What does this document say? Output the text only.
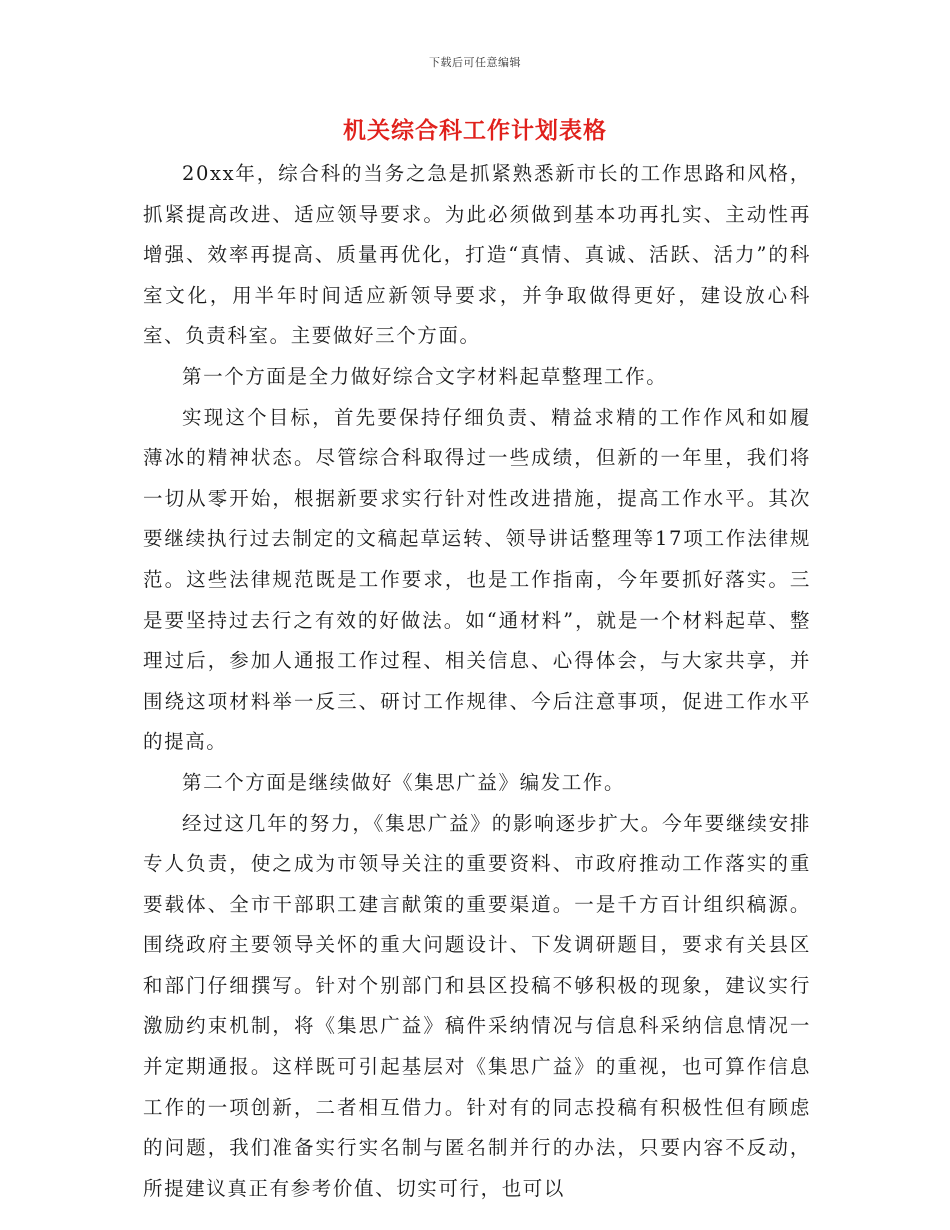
下载后可任意编辑
机关综合科工作计划表格

20xx年，综合科的当务之急是抓紧熟悉新市长的工作思路和风格，抓紧提高改进、适应领导要求。为此必须做到基本功再扎实、主动性再增强、效率再提高、质量再优化，打造“真情、真诚、活跃、活力”的科室文化，用半年时间适应新领导要求，并争取做得更好，建设放心科室、负责科室。主要做好三个方面。

第一个方面是全力做好综合文字材料起草整理工作。

实现这个目标，首先要保持仔细负责、精益求精的工作作风和如履薄冰的精神状态。尽管综合科取得过一些成绩，但新的一年里，我们将一切从零开始，根据新要求实行针对性改进措施，提高工作水平。其次要继续执行过去制定的文稿起草运转、领导讲话整理等17项工作法律规范。这些法律规范既是工作要求，也是工作指南，今年要抓好落实。三是要坚持过去行之有效的好做法。如“通材料”，就是一个材料起草、整理过后，参加人通报工作过程、相关信息、心得体会，与大家共享，并围绕这项材料举一反三、研讨工作规律、今后注意事项，促进工作水平的提高。

第二个方面是继续做好《集思广益》编发工作。

经过这几年的努力，《集思广益》的影响逐步扩大。今年要继续安排专人负责，使之成为市领导关注的重要资料、市政府推动工作落实的重要载体、全市干部职工建言献策的重要渠道。一是千方百计组织稿源。围绕政府主要领导关怀的重大问题设计、下发调研题目，要求有关县区和部门仔细撰写。针对个别部门和县区投稿不够积极的现象，建议实行激励约束机制，将《集思广益》稿件采纳情况与信息科采纳信息情况一并定期通报。这样既可引起基层对《集思广益》的重视，也可算作信息工作的一项创新，二者相互借力。针对有的同志投稿有积极性但有顾虑的问题，我们准备实行实名制与匿名制并行的办法，只要内容不反动，所提建议真正有参考价值、切实可行，也可以
